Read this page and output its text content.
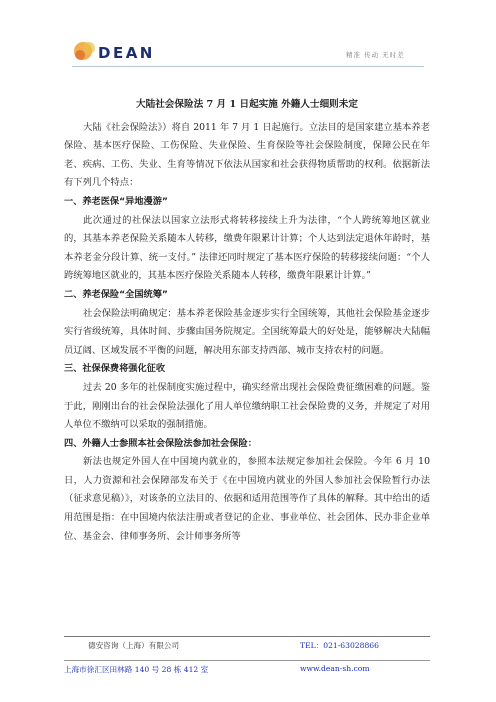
DEAN	精准 传动 无时差

大陆社会保险法 7 月 1 日起实施 外籍人士细则未定

大陆《社会保险法》）将自 2011 年 7 月 1 日起施行。立法目的是国家建立基本养老保险、基本医疗保险、工伤保险、失业保险、生育保险等社会保险制度，保障公民在年老、疾病、工伤、失业、生育等情况下依法从国家和社会获得物质帮助的权利。依据新法有下列几个特点：

一、养老医保“异地漫游”

此次通过的社保法以国家立法形式将转移接续上升为法律，“个人跨统筹地区就业的，其基本养老保险关系随本人转移，缴费年限累计计算；个人达到法定退休年龄时，基本养老金分段计算、统一支付。” 法律还同时规定了基本医疗保险的转移接续问题：“个人跨统筹地区就业的，其基本医疗保险关系随本人转移，缴费年限累计计算。”

二、养老保险“全国统筹”

社会保险法明确规定：基本养老保险基金逐步实行全国统筹，其他社会保险基金逐步实行省级统筹，具体时间、步骤由国务院规定。全国统筹最大的好处是，能够解决大陆幅员辽阔、区域发展不平衡的问题，解决用东部支持西部、城市支持农村的问题。

三、社保保费将强化征收

过去 20 多年的社保制度实施过程中，确实经常出现社会保险费征缴困难的问题。鉴于此，刚刚出台的社会保险法强化了用人单位缴纳职工社会保险费的义务，并规定了对用人单位不缴纳可以采取的强制措施。

四、外籍人士参照本社会保险法参加社会保险：

新法也规定外国人在中国境内就业的，参照本法规定参加社会保险。今年 6 月 10 日，人力资源和社会保障部发布关于《在中国境内就业的外国人参加社会保险暂行办法（征求意见稿）》，对该条的立法目的、依据和适用范围等作了具体的解释。其中给出的适用范围是指：在中国境内依法注册或者登记的企业、事业单位、社会团体、民办非企业单位、基金会、律师事务所、会计师事务所等

德安咨询（上海）有限公司	TEL：021-63028866
上海市徐汇区田林路 140 号 28 栋 412 室	www.dean-sh.com
